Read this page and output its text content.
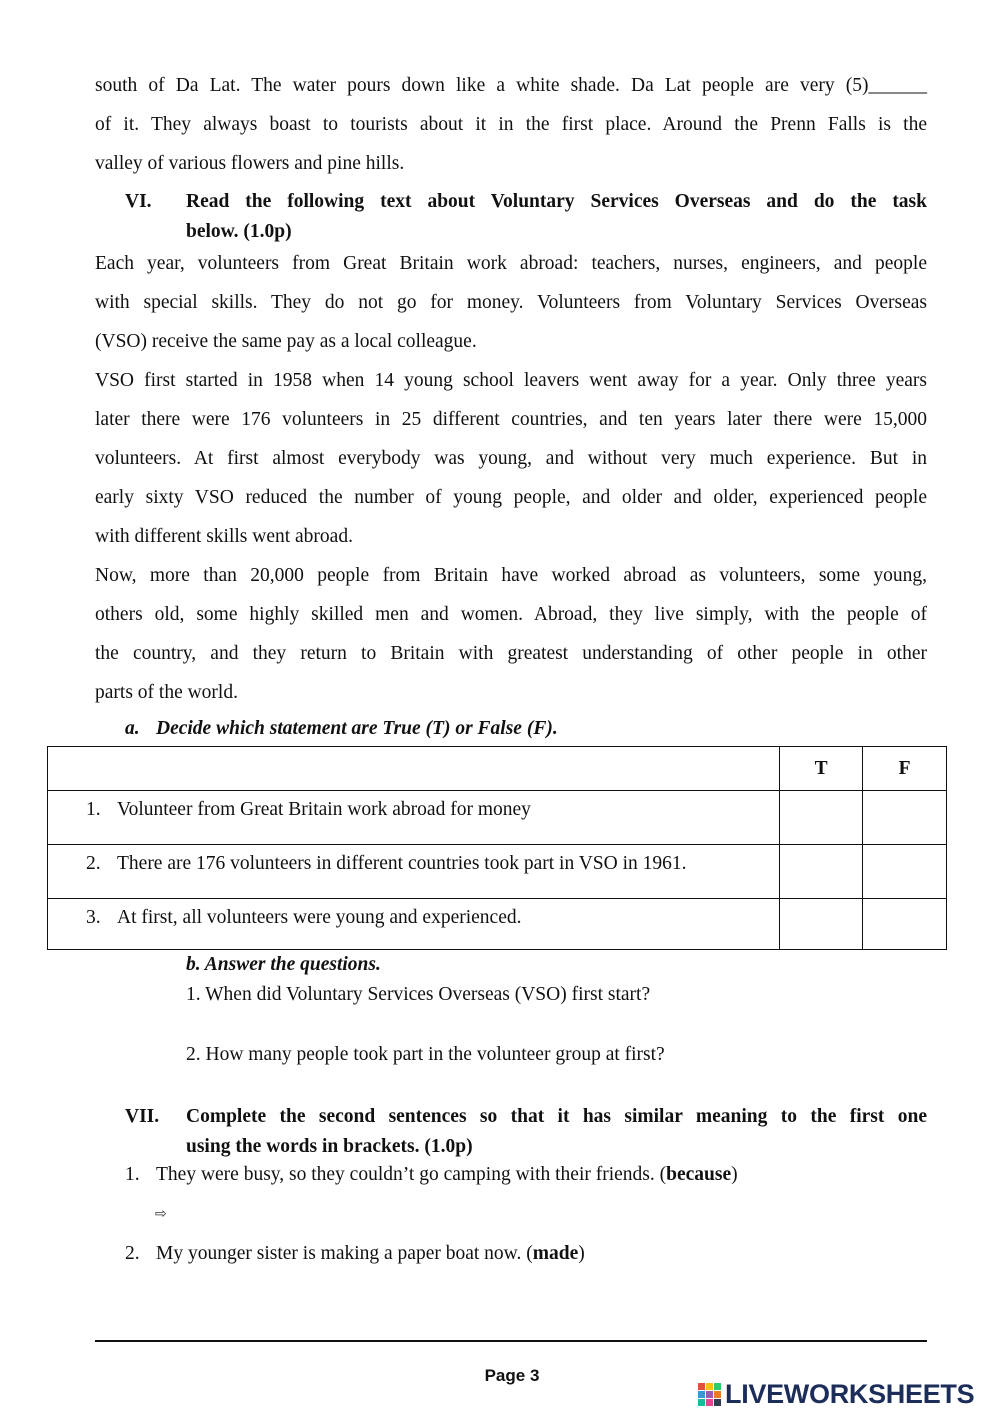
south of Da Lat. The water pours down like a white shade. Da Lat people are very (5)______
of it. They always boast to tourists about it in the first place. Around the Prenn Falls is the
valley of various flowers and pine hills.

VI.	Read the following text about Voluntary Services Overseas and do the task
below. (1.0p)

Each year, volunteers from Great Britain work abroad: teachers, nurses, engineers, and people
with special skills. They do not go for money. Volunteers from Voluntary Services Overseas
(VSO) receive the same pay as a local colleague.

VSO first started in 1958 when 14 young school leavers went away for a year. Only three years
later there were 176 volunteers in 25 different countries, and ten years later there were 15,000
volunteers. At first almost everybody was young, and without very much experience. But in
early sixty VSO reduced the number of young people, and older and older, experienced people
with different skills went abroad.

Now, more than 20,000 people from Britain have worked abroad as volunteers, some young,
others old, some highly skilled men and women. Abroad, they live simply, with the people of
the country, and they return to Britain with greatest understanding of other people in other
parts of the world.

a. Decide which statement are True (T) or False (F).
	T	F
1. Volunteer from Great Britain work abroad for money		
2. There are 176 volunteers in different countries took part in VSO in 1961.		
3. At first, all volunteers were young and experienced.		
b. Answer the questions.
1. When did Voluntary Services Overseas (VSO) first start?
2. How many people took part in the volunteer group at first?
VII.	Complete the second sentences so that it has similar meaning to the first one
using the words in brackets. (1.0p)
1. They were busy, so they couldn’t go camping with their friends. (because)
⇨
2. My younger sister is making a paper boat now. (made)
Page 3
LIVEWORKSHEETS
